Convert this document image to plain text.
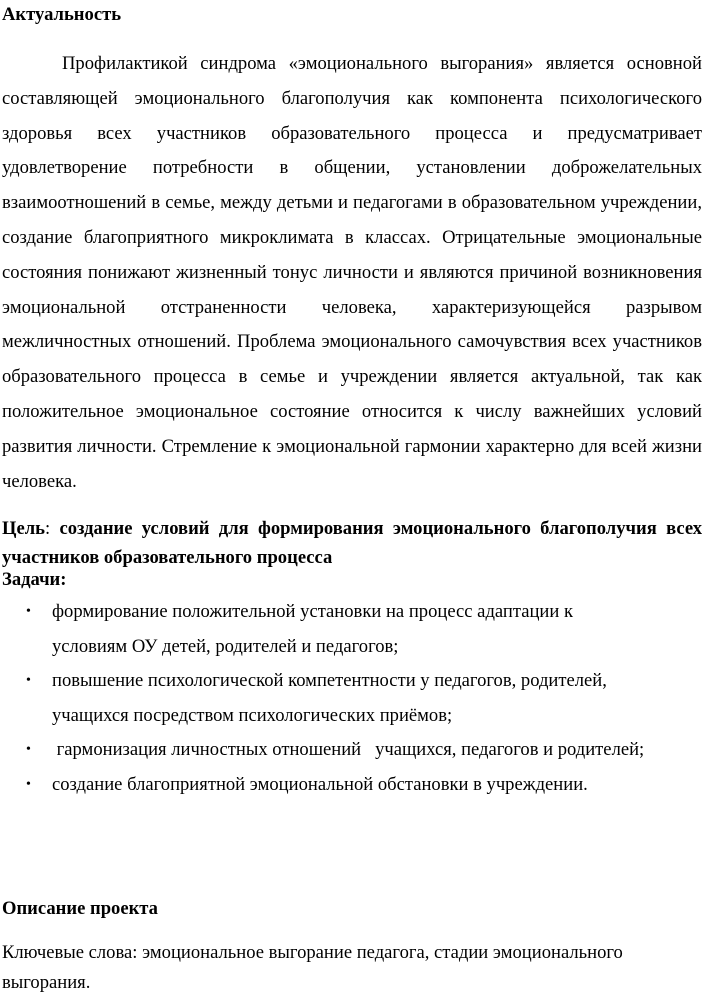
Актуальность

Профилактикой синдрома «эмоционального выгорания» является основной составляющей эмоционального благополучия как компонента психологического здоровья всех участников образовательного процесса и предусматривает удовлетворение потребности в общении, установлении доброжелательных взаимоотношений в семье, между детьми и педагогами в образовательном учреждении, создание благоприятного микроклимата в классах. Отрицательные эмоциональные состояния понижают жизненный тонус личности и являются причиной возникновения эмоциональной отстраненности человека, характеризующейся разрывом межличностных отношений. Проблема эмоционального самочувствия всех участников образовательного процесса в семье и учреждении является актуальной, так как положительное эмоциональное состояние относится к числу важнейших условий развития личности. Стремление к эмоциональной гармонии характерно для всей жизни человека.

Цель: создание условий для формирования эмоционального благополучия всех участников образовательного процесса

Задачи:
• формирование положительной установки на процесс адаптации к условиям ОУ детей, родителей и педагогов;
• повышение психологической компетентности у педагогов, родителей, учащихся посредством психологических приёмов;
• гармонизация личностных отношений   учащихся, педагогов и родителей;
• создание благоприятной эмоциональной обстановки в учреждении.
Описание проекта

Ключевые слова: эмоциональное выгорание педагога, стадии эмоционального выгорания.
